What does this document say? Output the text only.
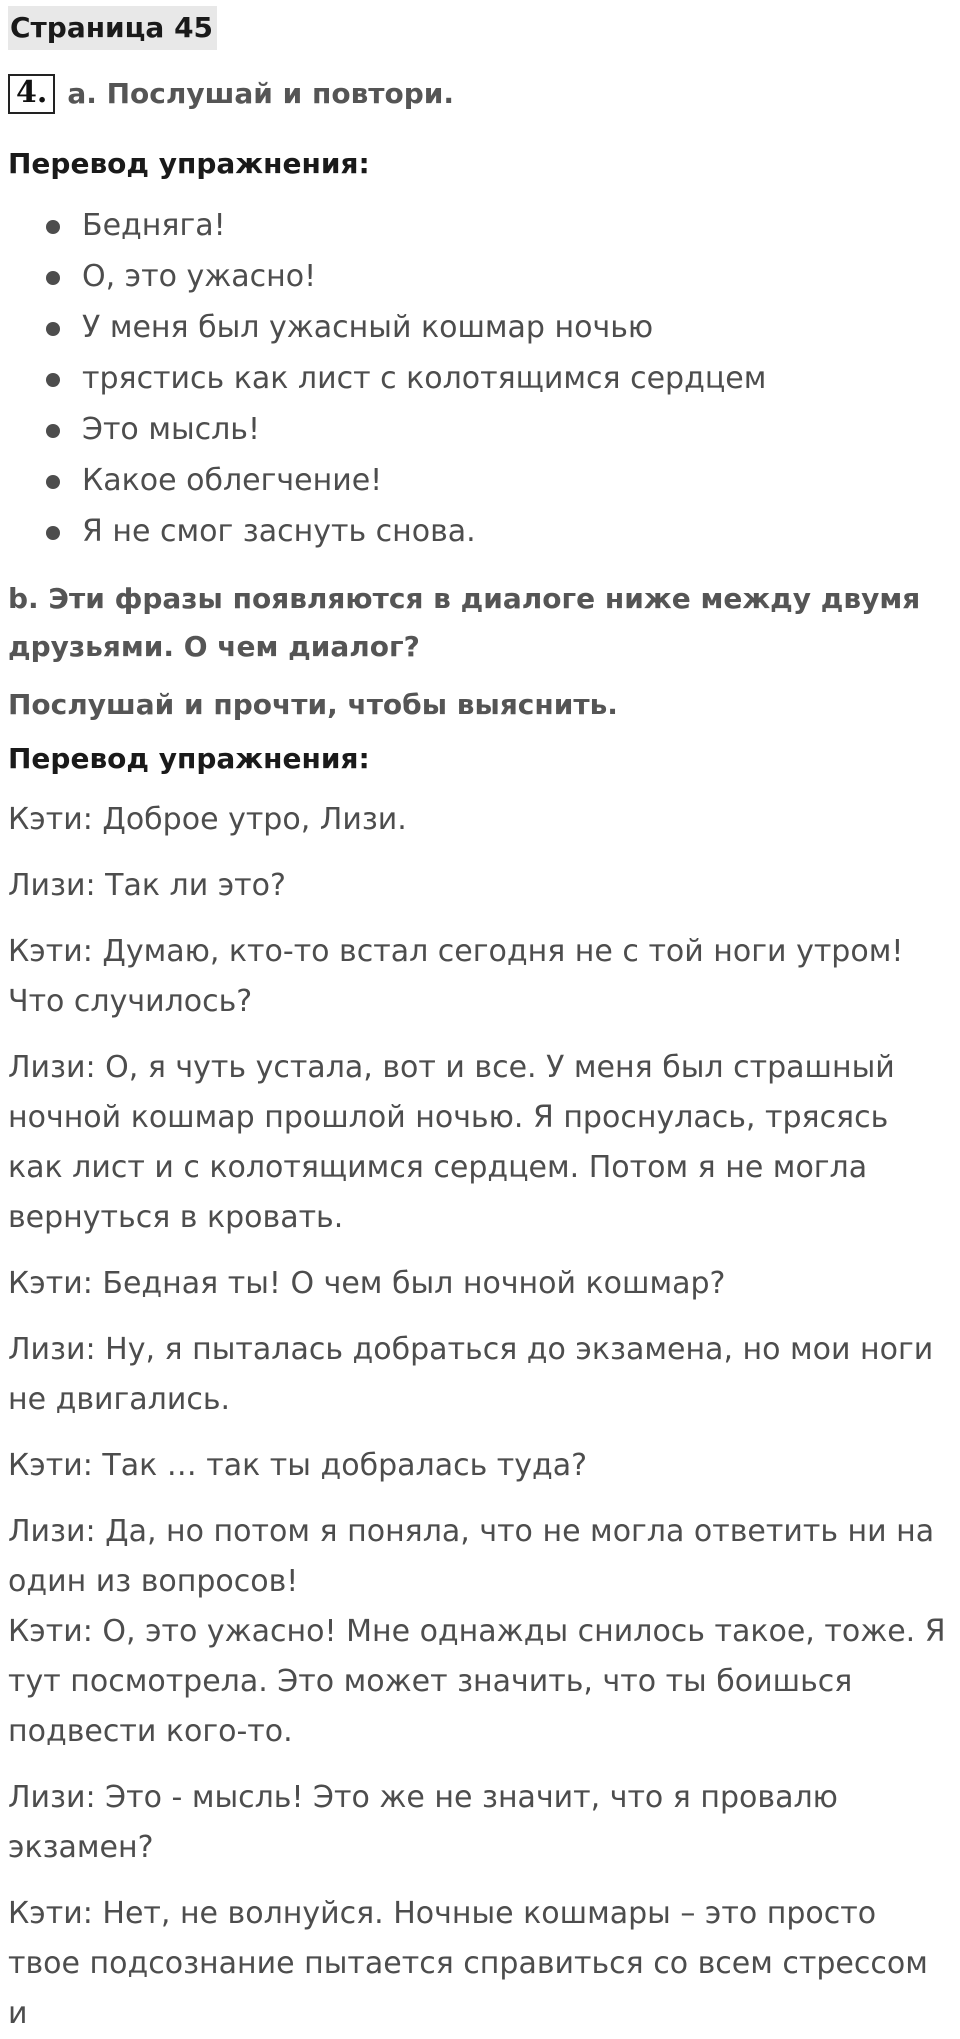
Страница 45
4. a. Послушай и повтори.
Перевод упражнения:
Бедняга!
О, это ужасно!
У меня был ужасный кошмар ночью
трястись как лист с колотящимся сердцем
Это мысль!
Какое облегчение!
Я не смог заснуть снова.
b. Эти фразы появляются в диалоге ниже между двумя друзьями. О чем диалог?
Послушай и прочти, чтобы выяснить.
Перевод упражнения:

Кэти: Доброе утро, Лизи.

Лизи: Так ли это?

Кэти: Думаю, кто-то встал сегодня не с той ноги утром! Что случилось?

Лизи: О, я чуть устала, вот и все. У меня был страшный ночной кошмар прошлой ночью. Я проснулась, трясясь как лист и с колотящимся сердцем. Потом я не могла вернуться в кровать.

Кэти: Бедная ты! О чем был ночной кошмар?

Лизи: Ну, я пыталась добраться до экзамена, но мои ноги не двигались.

Кэти: Так … так ты добралась туда?

Лизи: Да, но потом я поняла, что не могла ответить ни на один из вопросов!

Кэти: О, это ужасно! Мне однажды снилось такое, тоже. Я тут посмотрела. Это может значить, что ты боишься подвести кого-то.

Лизи: Это - мысль! Это же не значит, что я провалю экзамен?

Кэти: Нет, не волнуйся. Ночные кошмары – это просто твое подсознание пытается справиться со всем стрессом и
